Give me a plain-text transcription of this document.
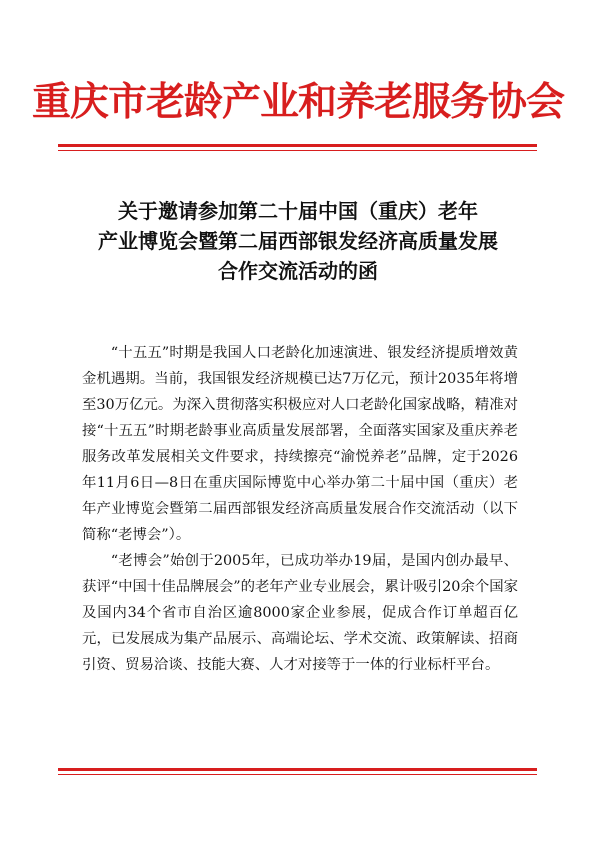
重庆市老龄产业和养老服务协会
关于邀请参加第二十届中国（重庆）老年
产业博览会暨第二届西部银发经济高质量发展
合作交流活动的函

“十五五”时期是我国人口老龄化加速演进、银发经济提质增效黄金机遇期。当前，我国银发经济规模已达7万亿元，预计2035年将增至30万亿元。为深入贯彻落实积极应对人口老龄化国家战略，精准对接“十五五”时期老龄事业高质量发展部署，全面落实国家及重庆养老服务改革发展相关文件要求，持续擦亮“渝悦养老”品牌，定于2026年11月6日—8日在重庆国际博览中心举办第二十届中国（重庆）老年产业博览会暨第二届西部银发经济高质量发展合作交流活动（以下简称“老博会”）。

“老博会”始创于2005年，已成功举办19届，是国内创办最早、获评“中国十佳品牌展会”的老年产业专业展会，累计吸引20余个国家及国内34个省市自治区逾8000家企业参展，促成合作订单超百亿元，已发展成为集产品展示、高端论坛、学术交流、政策解读、招商引资、贸易洽谈、技能大赛、人才对接等于一体的行业标杆平台。
